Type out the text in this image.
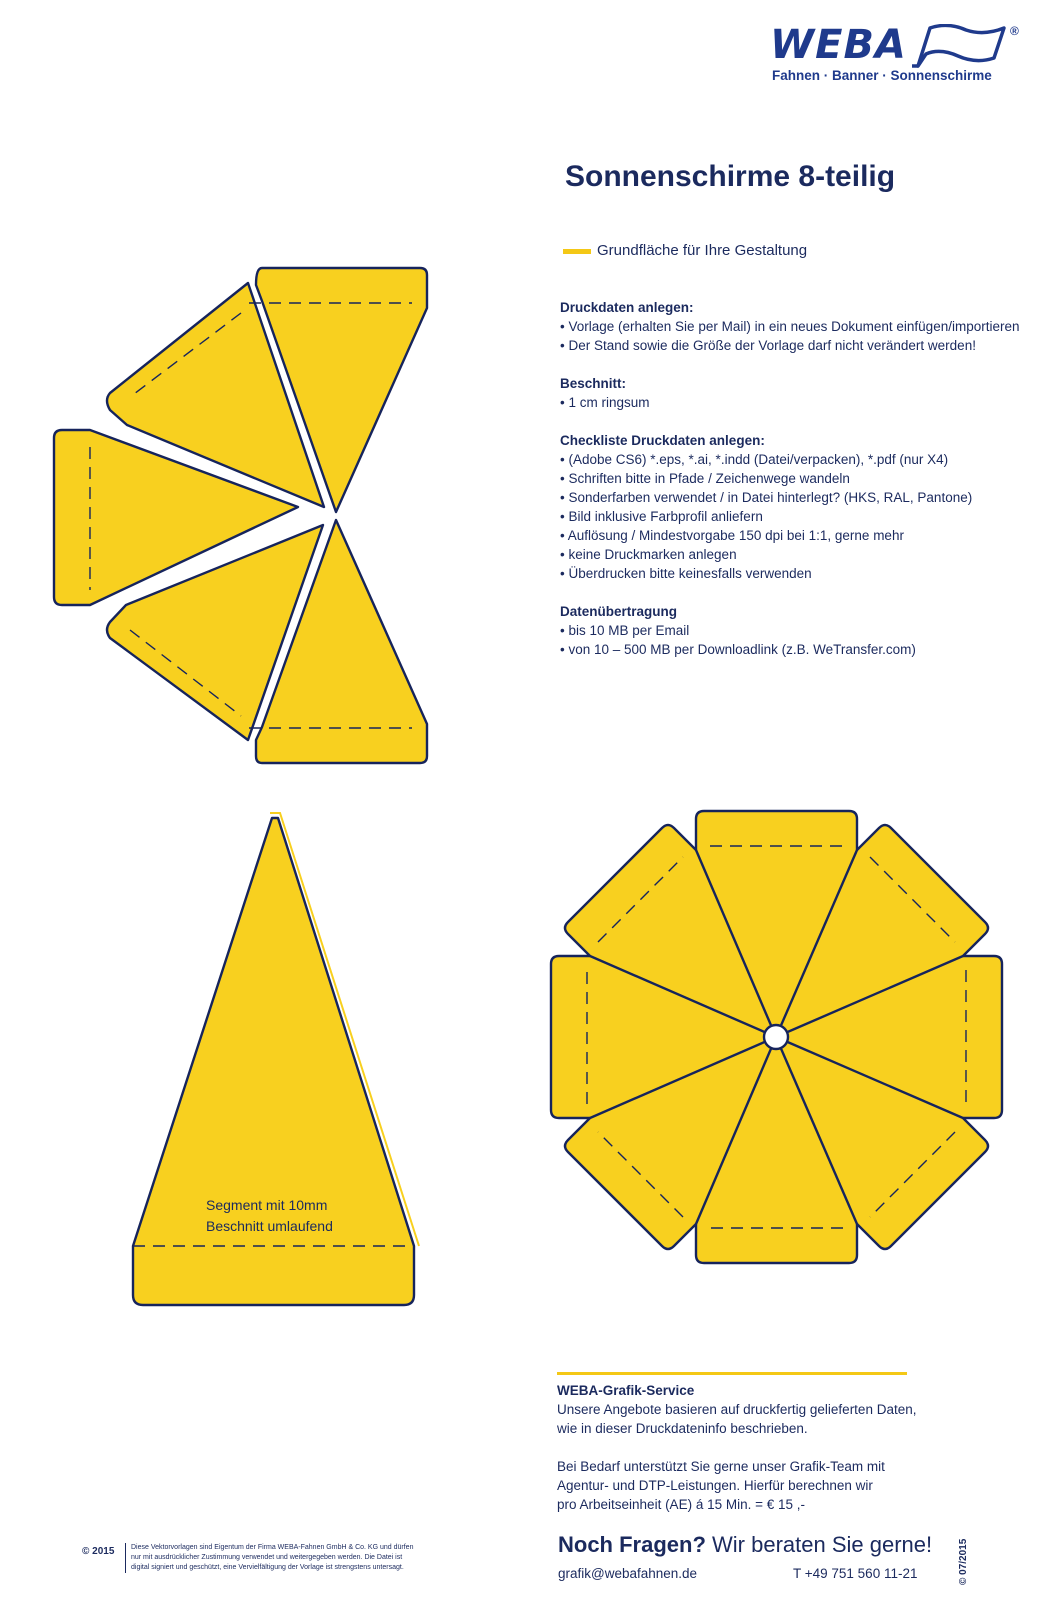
WEBA	®
Fahnen · Banner · Sonnenschirme
Sonnenschirme 8-teilig
Grundfläche für Ihre Gestaltung
Druckdaten anlegen:
• Vorlage (erhalten Sie per Mail) in ein neues Dokument einfügen/importieren
• Der Stand sowie die Größe der Vorlage darf nicht verändert werden!
Beschnitt:
• 1 cm ringsum
Checkliste Druckdaten anlegen:
• (Adobe CS6) *.eps, *.ai, *.indd (Datei/verpacken), *.pdf (nur X4)
• Schriften bitte in Pfade / Zeichenwege wandeln
• Sonderfarben verwendet / in Datei hinterlegt? (HKS, RAL, Pantone)
• Bild inklusive Farbprofil anliefern
• Auflösung / Mindestvorgabe 150 dpi bei 1:1, gerne mehr
• keine Druckmarken anlegen
• Überdrucken bitte keinesfalls verwenden
Datenübertragung
• bis 10 MB per Email
• von 10 – 500 MB per Downloadlink (z.B. WeTransfer.com)
Segment mit 10mm
Beschnitt umlaufend
WEBA-Grafik-Service

Unsere Angebote basieren auf druckfertig gelieferten Daten,
wie in dieser Druckdateninfo beschrieben.

Bei Bedarf unterstützt Sie gerne unser Grafik-Team mit
Agentur- und DTP-Leistungen. Hierfür berechnen wir
pro Arbeitseinheit (AE) á 15 Min. = € 15 ,-

Noch Fragen? Wir beraten Sie gerne!
grafik@webafahnen.de	T +49 751 560 11-21
© 2015 Diese Vektorvorlagen sind Eigentum der Firma WEBA-Fahnen GmbH & Co. KG und dürfen
nur mit ausdrücklicher Zustimmung verwendet und weitergegeben werden. Die Datei ist
digital signiert und geschützt, eine Vervielfältigung der Vorlage ist strengstens untersagt.	© 07/2015
